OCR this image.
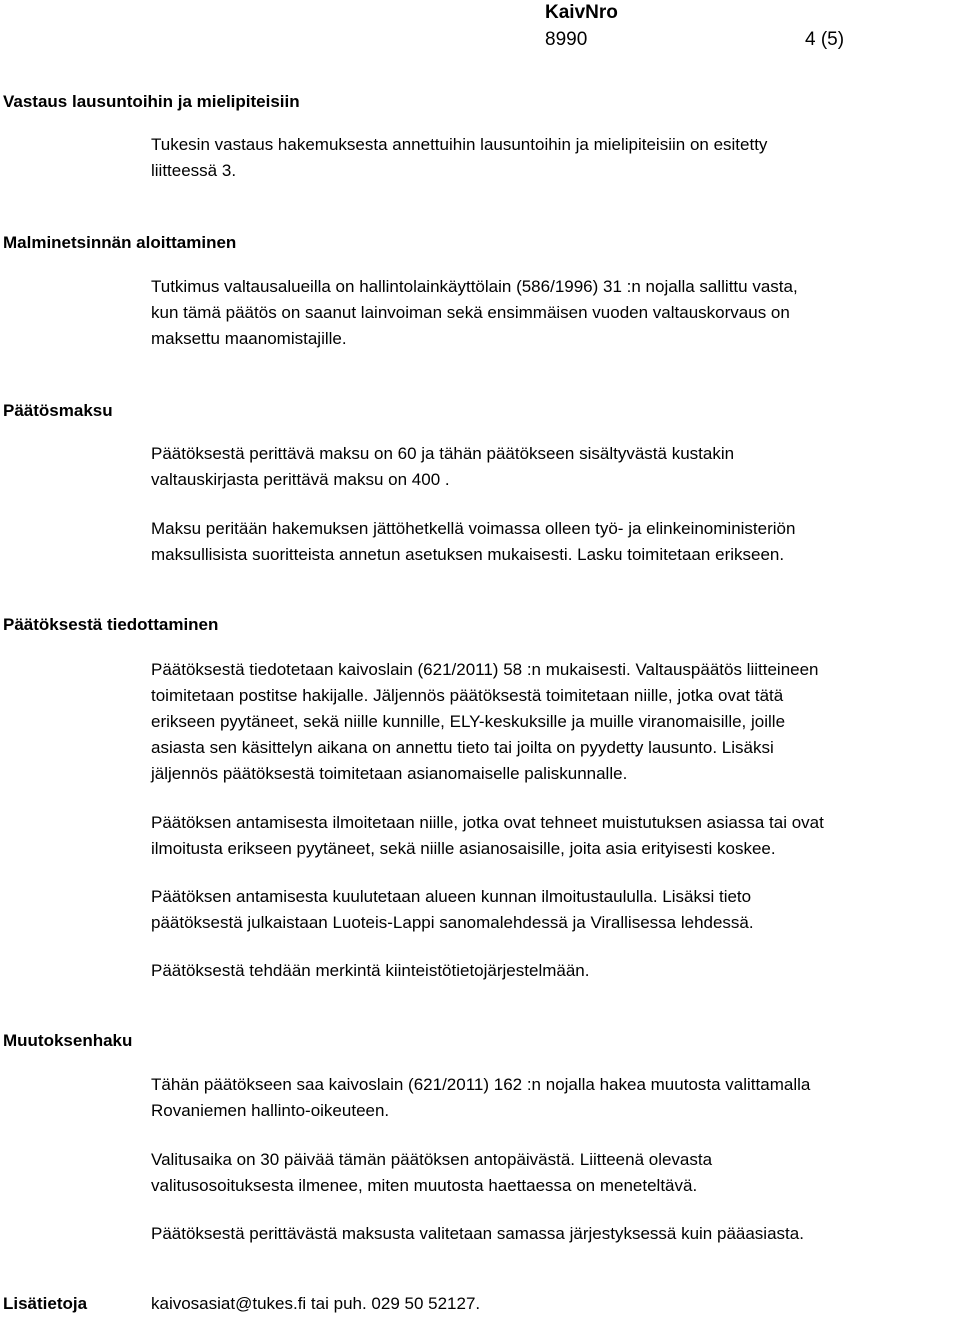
KaivNro
8990	4 (5)
Vastaus lausuntoihin ja mielipiteisiin
Tukesin vastaus hakemuksesta annettuihin lausuntoihin ja mielipiteisiin on esitetty
liitteessä 3.
Malminetsinnän aloittaminen
Tutkimus valtausalueilla on hallintolainkäyttölain (586/1996) 31 :n nojalla sallittu vasta,
kun tämä päätös on saanut lainvoiman sekä ensimmäisen vuoden valtauskorvaus on
maksettu maanomistajille.
Päätösmaksu
Päätöksestä perittävä maksu on 60 ja tähän päätökseen sisältyvästä kustakin
valtauskirjasta perittävä maksu on 400 .
Maksu peritään hakemuksen jättöhetkellä voimassa olleen työ- ja elinkeinoministeriön
maksullisista suoritteista annetun asetuksen mukaisesti. Lasku toimitetaan erikseen.
Päätöksestä tiedottaminen
Päätöksestä tiedotetaan kaivoslain (621/2011) 58 :n mukaisesti. Valtauspäätös liitteineen
toimitetaan postitse hakijalle. Jäljennös päätöksestä toimitetaan niille, jotka ovat tätä
erikseen pyytäneet, sekä niille kunnille, ELY-keskuksille ja muille viranomaisille, joille
asiasta sen käsittelyn aikana on annettu tieto tai joilta on pyydetty lausunto. Lisäksi
jäljennös päätöksestä toimitetaan asianomaiselle paliskunnalle.
Päätöksen antamisesta ilmoitetaan niille, jotka ovat tehneet muistutuksen asiassa tai ovat
ilmoitusta erikseen pyytäneet, sekä niille asianosaisille, joita asia erityisesti koskee.
Päätöksen antamisesta kuulutetaan alueen kunnan ilmoitustaululla. Lisäksi tieto
päätöksestä julkaistaan Luoteis-Lappi sanomalehdessä ja Virallisessa lehdessä.
Päätöksestä tehdään merkintä kiinteistötietojärjestelmään.
Muutoksenhaku
Tähän päätökseen saa kaivoslain (621/2011) 162 :n nojalla hakea muutosta valittamalla
Rovaniemen hallinto-oikeuteen.
Valitusaika on 30 päivää tämän päätöksen antopäivästä. Liitteenä olevasta
valitusosoituksesta ilmenee, miten muutosta haettaessa on meneteltävä.
Päätöksestä perittävästä maksusta valitetaan samassa järjestyksessä kuin pääasiasta.
Lisätietoja	kaivosasiat@tukes.fi tai puh. 029 50 52127.
